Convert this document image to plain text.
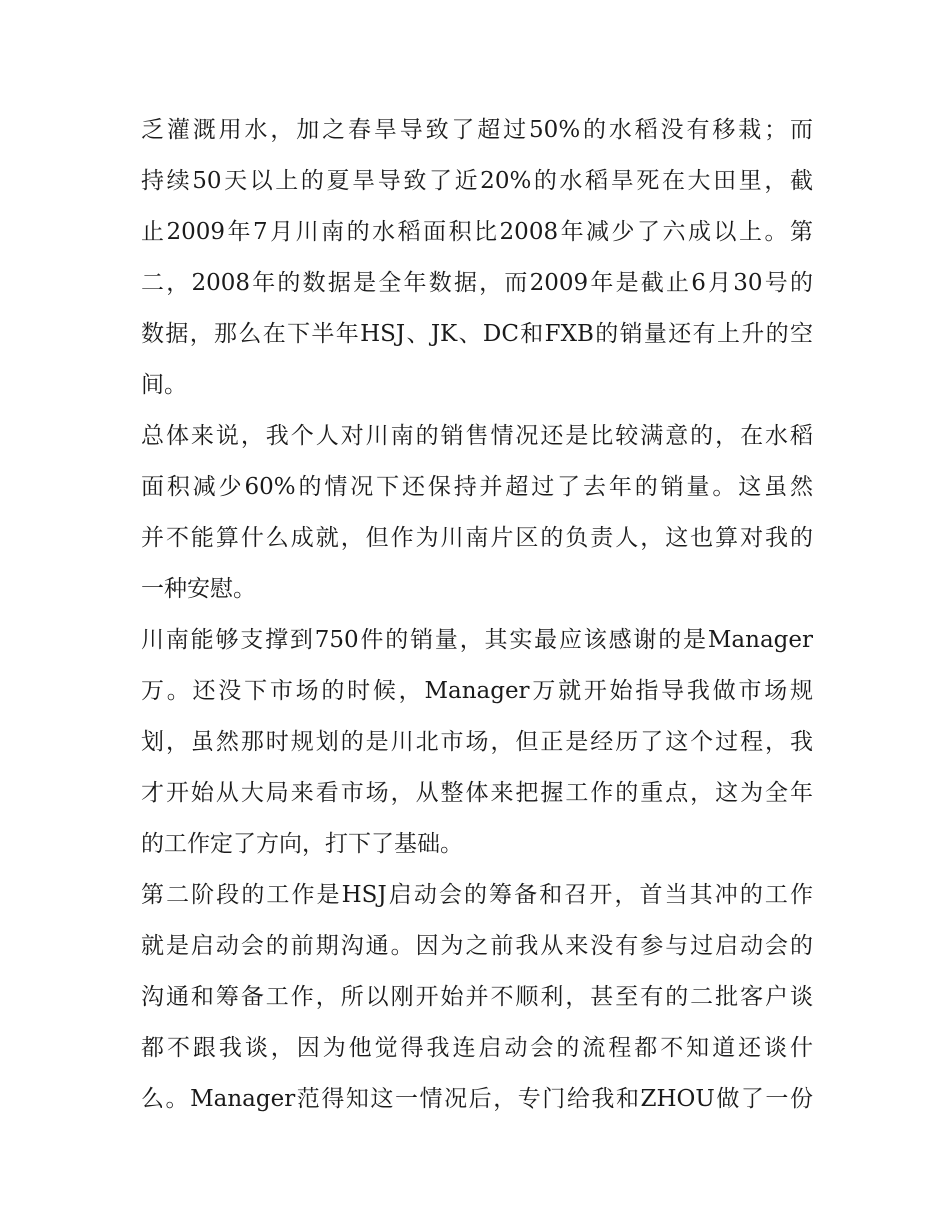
乏灌溉用水，加之春旱导致了超过50%的水稻没有移栽；而
持续50天以上的夏旱导致了近20%的水稻旱死在大田里，截
止2009年7月川南的水稻面积比2008年减少了六成以上。第
二，2008年的数据是全年数据，而2009年是截止6月30号的
数据，那么在下半年HSJ、JK、DC和FXB的销量还有上升的空
间。
总体来说，我个人对川南的销售情况还是比较满意的，在水稻
面积减少60%的情况下还保持并超过了去年的销量。这虽然
并不能算什么成就，但作为川南片区的负责人，这也算对我的
一种安慰。
川南能够支撑到750件的销量，其实最应该感谢的是Manager
万。还没下市场的时候，Manager万就开始指导我做市场规
划，虽然那时规划的是川北市场，但正是经历了这个过程，我
才开始从大局来看市场，从整体来把握工作的重点，这为全年
的工作定了方向，打下了基础。
第二阶段的工作是HSJ启动会的筹备和召开，首当其冲的工作
就是启动会的前期沟通。因为之前我从来没有参与过启动会的
沟通和筹备工作，所以刚开始并不顺利，甚至有的二批客户谈
都不跟我谈，因为他觉得我连启动会的流程都不知道还谈什
么。Manager范得知这一情况后，专门给我和ZHOU做了一份
